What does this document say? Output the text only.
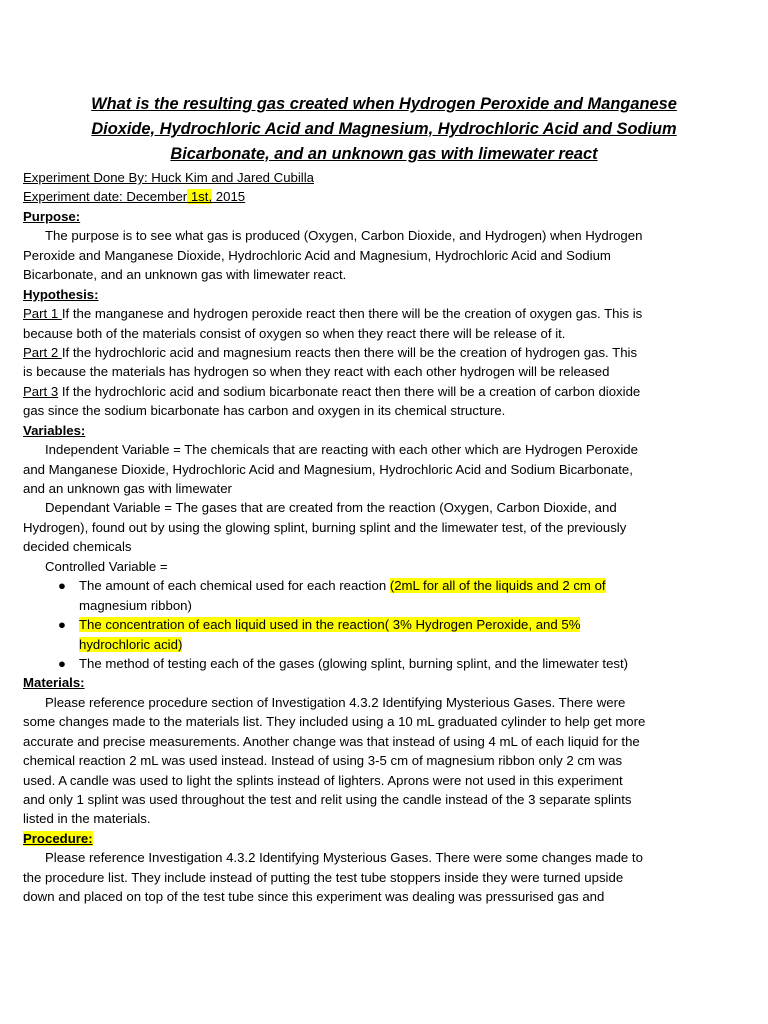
What is the resulting gas created when Hydrogen Peroxide and Manganese
Dioxide, Hydrochloric Acid and Magnesium, Hydrochloric Acid and Sodium
Bicarbonate, and an unknown gas with limewater react
Experiment Done By: Huck Kim and Jared Cubilla
Experiment date: December 1st, 2015
Purpose:
The purpose is to see what gas is produced (Oxygen, Carbon Dioxide, and Hydrogen) when Hydrogen
Peroxide and Manganese Dioxide, Hydrochloric Acid and Magnesium, Hydrochloric Acid and Sodium
Bicarbonate, and an unknown gas with limewater react.
Hypothesis:
Part 1 If the manganese and hydrogen peroxide react then there will be the creation of oxygen gas. This is
because both of the materials consist of oxygen so when they react there will be release of it.
Part 2 If the hydrochloric acid and magnesium reacts then there will be the creation of hydrogen gas. This
is because the materials has hydrogen so when they react with each other hydrogen will be released
Part 3 If the hydrochloric acid and sodium bicarbonate react then there will be a creation of carbon dioxide
gas since the sodium bicarbonate has carbon and oxygen in its chemical structure.
Variables:
Independent Variable = The chemicals that are reacting with each other which are Hydrogen Peroxide
and Manganese Dioxide, Hydrochloric Acid and Magnesium, Hydrochloric Acid and Sodium Bicarbonate,
and an unknown gas with limewater
Dependant Variable = The gases that are created from the reaction (Oxygen, Carbon Dioxide, and
Hydrogen), found out by using the glowing splint, burning splint and the limewater test, of the previously
decided chemicals
Controlled Variable =
● The amount of each chemical used for each reaction (2mL for all of the liquids and 2 cm of
magnesium ribbon)
● The concentration of each liquid used in the reaction( 3% Hydrogen Peroxide, and 5%
hydrochloric acid)
● The method of testing each of the gases (glowing splint, burning splint, and the limewater test)
Materials:
Please reference procedure section of Investigation 4.3.2 Identifying Mysterious Gases. There were
some changes made to the materials list. They included using a 10 mL graduated cylinder to help get more
accurate and precise measurements. Another change was that instead of using 4 mL of each liquid for the
chemical reaction 2 mL was used instead. Instead of using 3-5 cm of magnesium ribbon only 2 cm was
used. A candle was used to light the splints instead of lighters. Aprons were not used in this experiment
and only 1 splint was used throughout the test and relit using the candle instead of the 3 separate splints
listed in the materials.
Procedure:
Please reference Investigation 4.3.2 Identifying Mysterious Gases. There were some changes made to
the procedure list. They include instead of putting the test tube stoppers inside they were turned upside
down and placed on top of the test tube since this experiment was dealing was pressurised gas and
